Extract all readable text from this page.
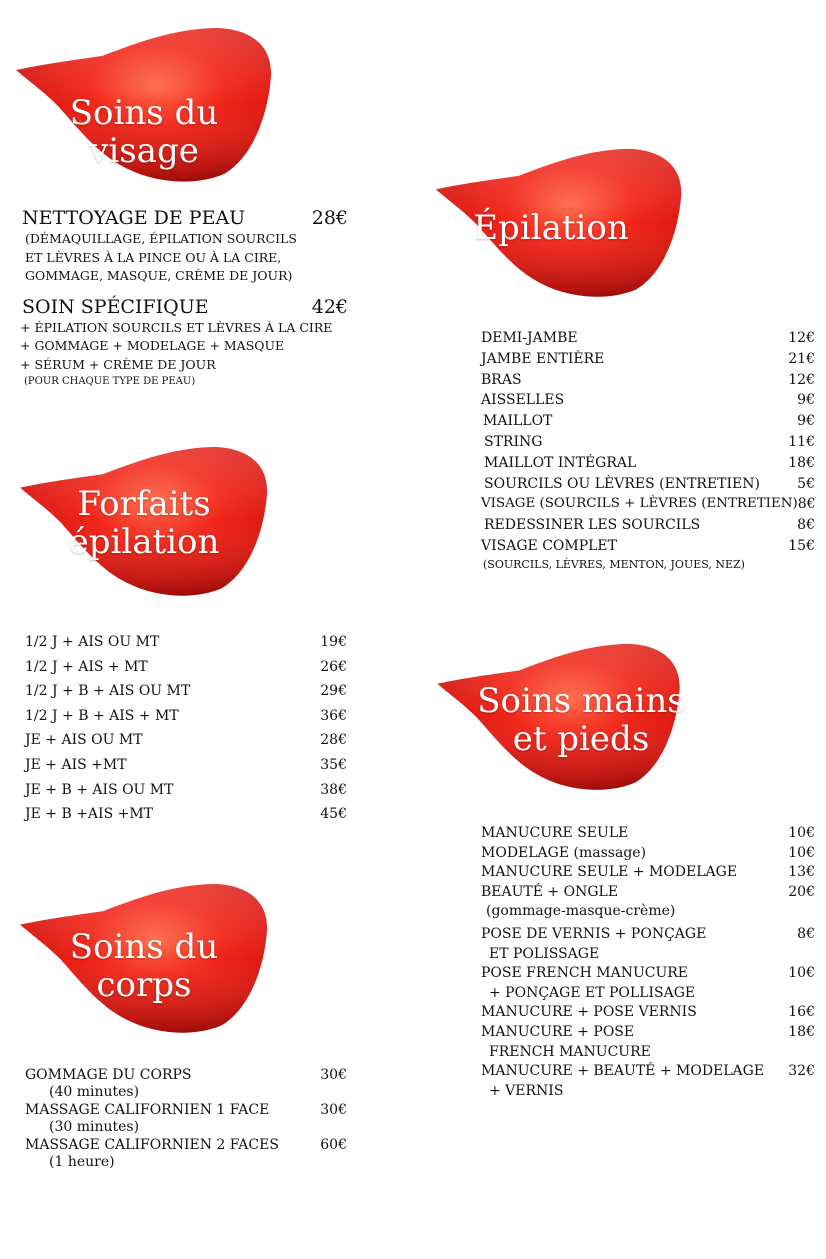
Soins du
visage
Épilation
Forfaits
épilation
Soins mains
et pieds
Soins du
corps
NETTOYAGE DE PEAU	28€
(DÉMAQUILLAGE, ÉPILATION SOURCILS
ET LÈVRES À LA PINCE OU À LA CIRE,
GOMMAGE, MASQUE, CRÈME DE JOUR)
SOIN SPÉCIFIQUE	42€
+ ÉPILATION SOURCILS ET LÈVRES À LA CIRE
+ GOMMAGE + MODELAGE + MASQUE
+ SÉRUM + CRÈME DE JOUR
(POUR CHAQUE TYPE DE PEAU)
1/2 J + AIS OU MT	19€
1/2 J + AIS + MT	26€
1/2 J + B + AIS OU MT	29€
1/2 J + B + AIS + MT	36€
JE + AIS OU MT	28€
JE + AIS +MT	35€
JE + B + AIS OU MT	38€
JE + B +AIS +MT	45€
GOMMAGE DU CORPS	30€
(40 minutes)
MASSAGE CALIFORNIEN 1 FACE	30€
(30 minutes)
MASSAGE CALIFORNIEN 2 FACES	60€
(1 heure)
DEMI-JAMBE	12€
JAMBE ENTIÈRE	21€
BRAS	12€
AISSELLES	9€
MAILLOT	9€
STRING	11€
MAILLOT INTÉGRAL	18€
SOURCILS OU LÈVRES (ENTRETIEN)	5€
VISAGE (SOURCILS + LÈVRES (ENTRETIEN) 8€
REDESSINER LES SOURCILS	8€
VISAGE COMPLET	15€
(SOURCILS, LÈVRES, MENTON, JOUES, NEZ)
MANUCURE SEULE	10€
MODELAGE (massage)	10€
MANUCURE SEULE + MODELAGE	13€
BEAUTÉ + ONGLE	20€
(gommage-masque-crème)
POSE DE VERNIS + PONÇAGE	8€
ET POLISSAGE
POSE FRENCH MANUCURE	10€
+ PONÇAGE ET POLLISAGE
MANUCURE + POSE VERNIS	16€
MANUCURE + POSE	18€
FRENCH MANUCURE
MANUCURE + BEAUTÉ + MODELAGE 32€
+ VERNIS
